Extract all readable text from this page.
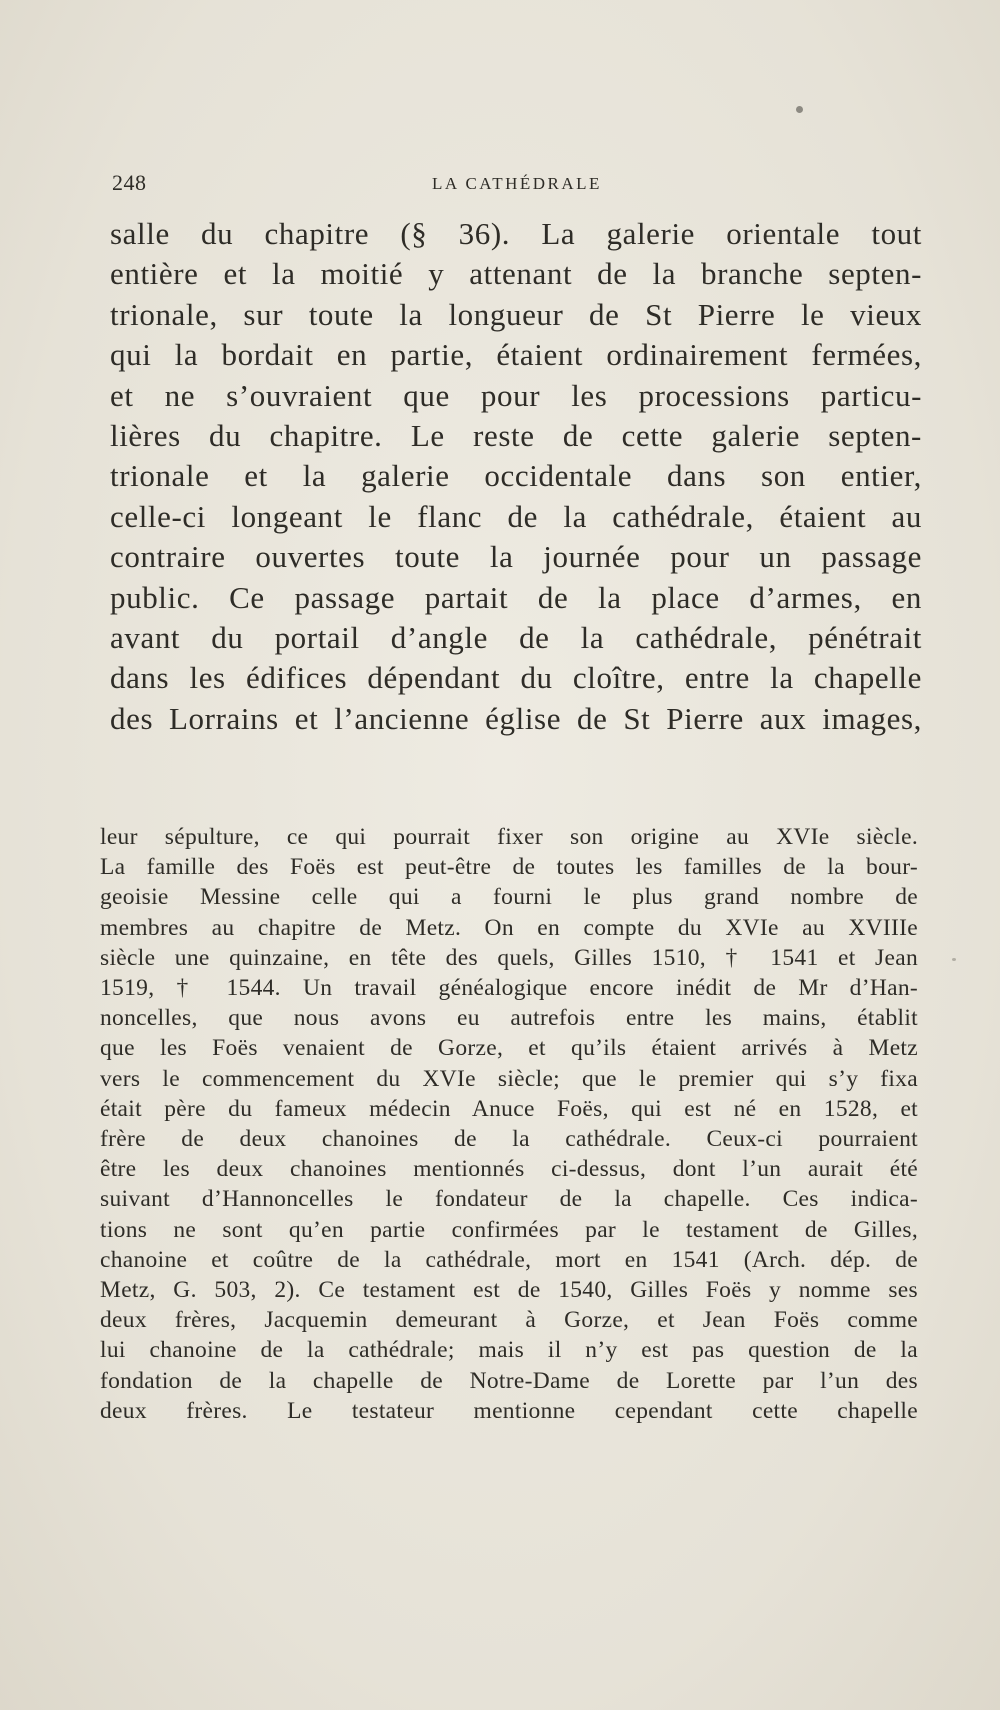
248	LA CATHÉDRALE
salle du chapitre (§ 36). La galerie orientale tout
entière et la moitié y attenant de la branche septen-
trionale, sur toute la longueur de St Pierre le vieux
qui la bordait en partie, étaient ordinairement fermées,
et ne s’ouvraient que pour les processions particu-
lières du chapitre. Le reste de cette galerie septen-
trionale et la galerie occidentale dans son entier,
celle-ci longeant le flanc de la cathédrale, étaient au
contraire ouvertes toute la journée pour un passage
public. Ce passage partait de la place d’armes, en
avant du portail d’angle de la cathédrale, pénétrait
dans les édifices dépendant du cloître, entre la chapelle
des Lorrains et l’ancienne église de St Pierre aux images,
leur sépulture, ce qui pourrait fixer son origine au XVIe siècle.
La famille des Foës est peut-être de toutes les familles de la bour-
geoisie Messine celle qui a fourni le plus grand nombre de
membres au chapitre de Metz. On en compte du XVIe au XVIIIe
siècle une quinzaine, en tête des quels, Gilles 1510, † 1541 et Jean
1519, † 1544. Un travail généalogique encore inédit de Mr d’Han-
noncelles, que nous avons eu autrefois entre les mains, établit
que les Foës venaient de Gorze, et qu’ils étaient arrivés à Metz
vers le commencement du XVIe siècle; que le premier qui s’y fixa
était père du fameux médecin Anuce Foës, qui est né en 1528, et
frère de deux chanoines de la cathédrale. Ceux-ci pourraient
être les deux chanoines mentionnés ci-dessus, dont l’un aurait été
suivant d’Hannoncelles le fondateur de la chapelle. Ces indica-
tions ne sont qu’en partie confirmées par le testament de Gilles,
chanoine et coûtre de la cathédrale, mort en 1541 (Arch. dép. de
Metz, G. 503, 2). Ce testament est de 1540, Gilles Foës y nomme ses
deux frères, Jacquemin demeurant à Gorze, et Jean Foës comme
lui chanoine de la cathédrale; mais il n’y est pas question de la
fondation de la chapelle de Notre-Dame de Lorette par l’un des
deux frères. Le testateur mentionne cependant cette chapelle
